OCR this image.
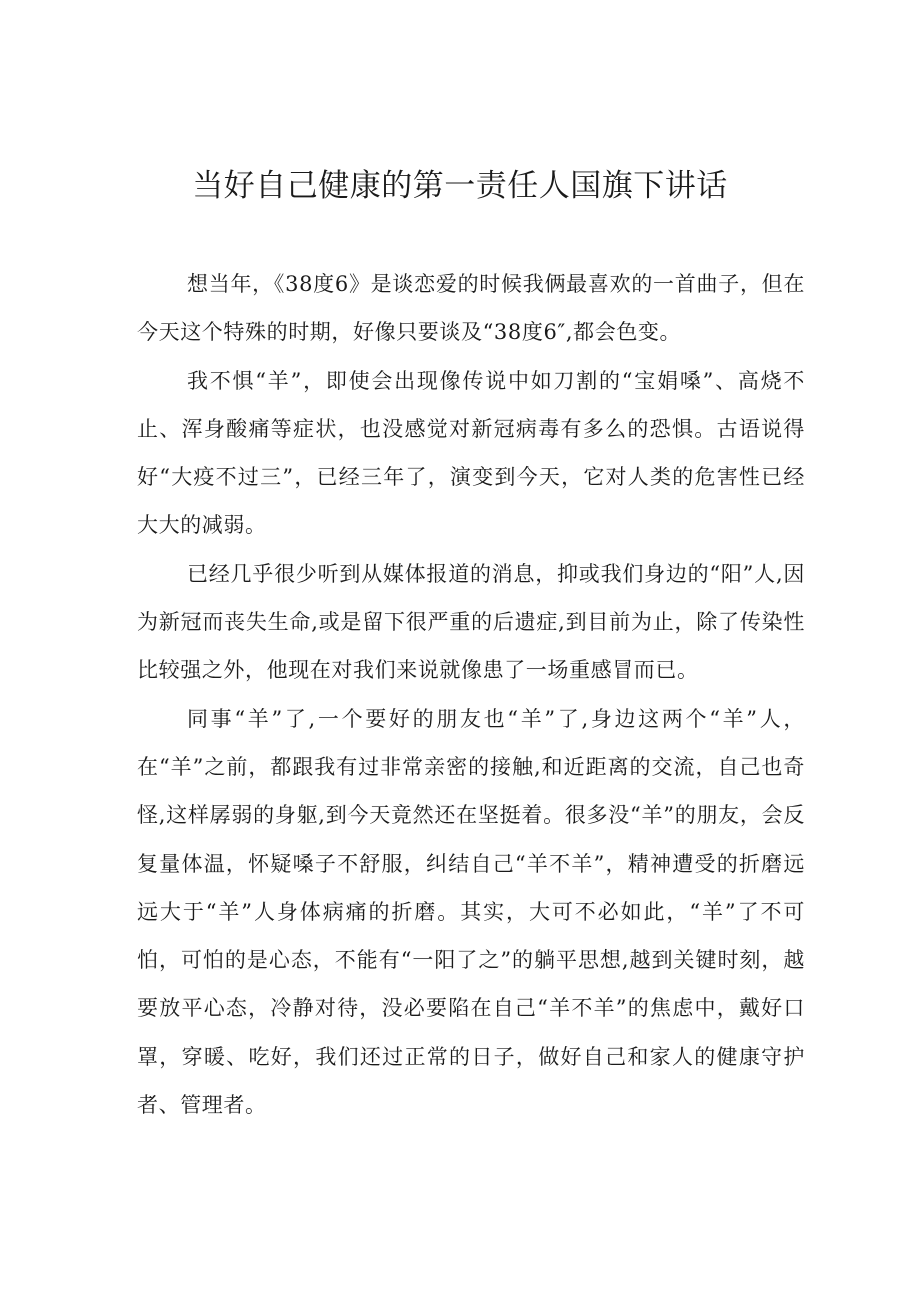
当好自己健康的第一责任人国旗下讲话

想当年，《38度6》是谈恋爱的时候我俩最喜欢的一首曲子，但在今天这个特殊的时期，好像只要谈及“38度6″,都会色变。

我不惧“羊”，即使会出现像传说中如刀割的“宝娟嗓”、高烧不止、浑身酸痛等症状，也没感觉对新冠病毒有多么的恐惧。古语说得好“大疫不过三”，已经三年了，演变到今天，它对人类的危害性已经大大的减弱。

已经几乎很少听到从媒体报道的消息，抑或我们身边的“阳”人,因为新冠而丧失生命,或是留下很严重的后遗症,到目前为止，除了传染性比较强之外，他现在对我们来说就像患了一场重感冒而已。

同事“羊”了,一个要好的朋友也“羊”了,身边这两个“羊”人，在“羊”之前，都跟我有过非常亲密的接触,和近距离的交流，自己也奇怪,这样孱弱的身躯,到今天竟然还在坚挺着。很多没“羊”的朋友，会反复量体温，怀疑嗓子不舒服，纠结自己“羊不羊”，精神遭受的折磨远远大于“羊”人身体病痛的折磨。其实，大可不必如此，“羊”了不可怕，可怕的是心态，不能有“一阳了之”的躺平思想,越到关键时刻，越要放平心态，冷静对待，没必要陷在自己“羊不羊”的焦虑中，戴好口罩，穿暖、吃好，我们还过正常的日子，做好自己和家人的健康守护者、管理者。
